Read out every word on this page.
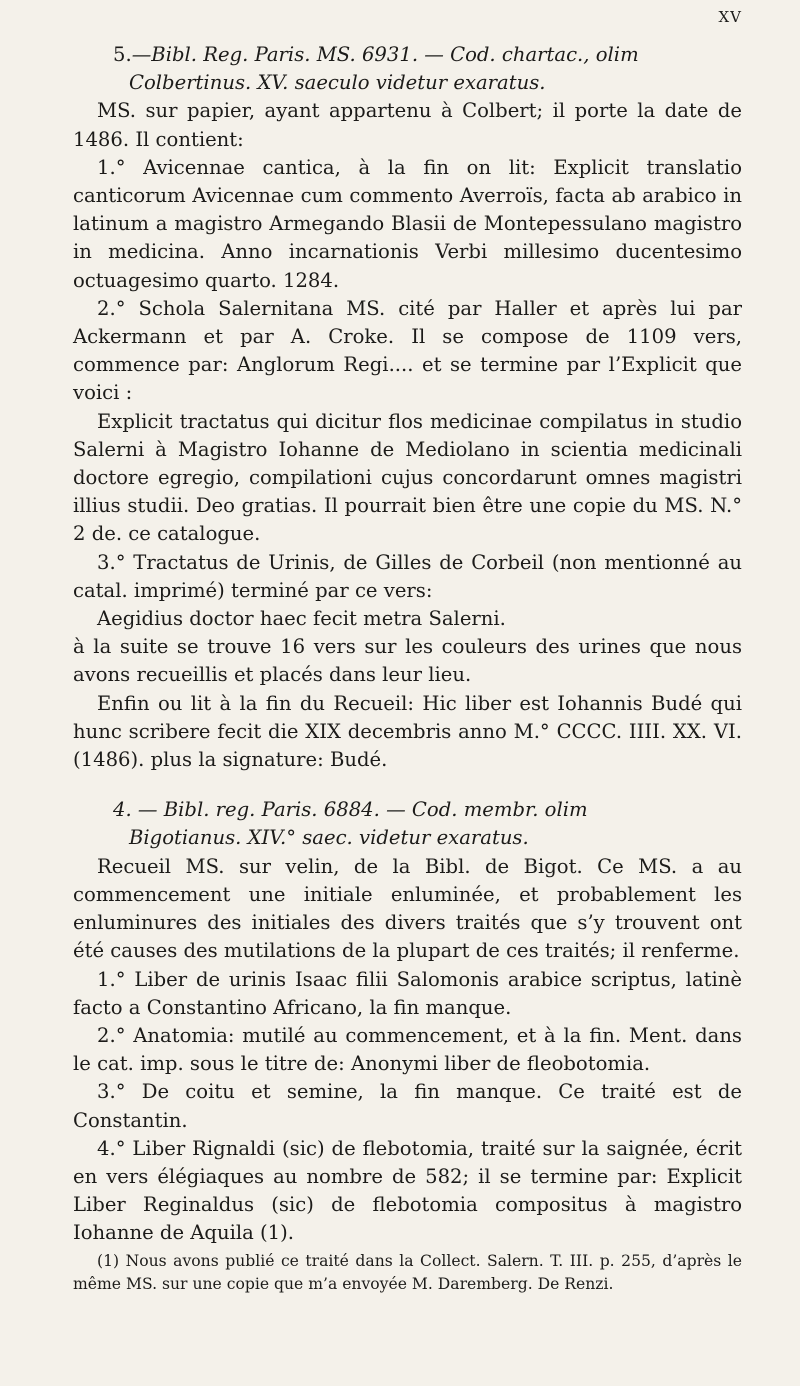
XV
5.—Bibl. Reg. Paris. MS. 6931. — Cod. chartac., olim
Colbertinus. XV. saeculo videtur exaratus.

MS. sur papier, ayant appartenu à Colbert; il porte la date de 1486. Il contient:

1.° Avicennae cantica, à la fin on lit: Explicit translatio canticorum Avicennae cum commento Averroïs, facta ab arabico in latinum a magistro Armegando Blasii de Montepessulano magistro in medicina. Anno incarnationis Verbi millesimo ducentesimo octuagesimo quarto. 1284.

2.° Schola Salernitana MS. cité par Haller et après lui par Ackermann et par A. Croke. Il se compose de 1109 vers, commence par: Anglorum Regi.... et se termine par l’Explicit que voici :

Explicit tractatus qui dicitur flos medicinae compilatus in studio Salerni à Magistro Iohanne de Mediolano in scientia medicinali doctore egregio, compilationi cujus concordarunt omnes magistri illius studii. Deo gratias. Il pourrait bien être une copie du MS. N.° 2 de. ce catalogue.

3.° Tractatus de Urinis, de Gilles de Corbeil (non mentionné au catal. imprimé) terminé par ce vers:

Aegidius doctor haec fecit metra Salerni.

à la suite se trouve 16 vers sur les couleurs des urines que nous avons recueillis et placés dans leur lieu.

Enfin ou lit à la fin du Recueil: Hic liber est Iohannis Budé qui hunc scribere fecit die XIX decembris anno M.° CCCC. IIII. XX. VI. (1486). plus la signature: Budé.

4. — Bibl. reg. Paris. 6884. — Cod. membr. olim
Bigotianus. XIV.° saec. videtur exaratus.

Recueil MS. sur velin, de la Bibl. de Bigot. Ce MS. a au commencement une initiale enluminée, et probablement les enluminures des initiales des divers traités que s’y trouvent ont été causes des mutilations de la plupart de ces traités; il renferme.

1.° Liber de urinis Isaac filii Salomonis arabice scriptus, latinè facto a Constantino Africano, la fin manque.

2.° Anatomia: mutilé au commencement, et à la fin. Ment. dans le cat. imp. sous le titre de: Anonymi liber de fleobotomia.

3.° De coitu et semine, la fin manque. Ce traité est de Constantin.

4.° Liber Rignaldi (sic) de flebotomia, traité sur la saignée, écrit en vers élégiaques au nombre de 582; il se termine par: Explicit Liber Reginaldus (sic) de flebotomia compositus à magistro Iohanne de Aquila (1).

(1) Nous avons publié ce traité dans la Collect. Salern. T. III. p. 255, d’après le même MS. sur une copie que m’a envoyée M. Daremberg. De Renzi.
